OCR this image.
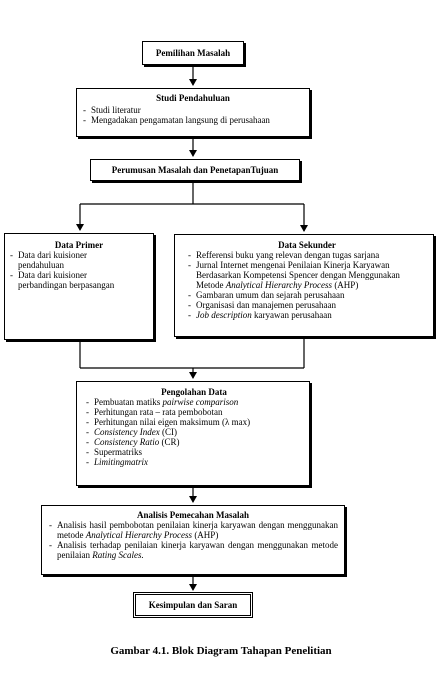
Pemilihan Masalah
Studi Pendahuluan
- Studi literatur
- Mengadakan pengamatan langsung di perusahaan
Perumusan Masalah dan PenetapanTujuan
Data Primer
- Data dari kuisioner pendahuluan
- Data dari kuisioner perbandingan berpasangan
Data Sekunder
- Refferensi buku yang relevan dengan tugas sarjana
- Jurnal Internet mengenai Penilaian Kinerja Karyawan Berdasarkan Kompetensi Spencer dengan Menggunakan Metode Analytical Hierarchy Process (AHP)
- Gambaran umum dan sejarah perusahaan
- Organisasi dan manajemen perusahaan
- Job description karyawan perusahaan
Pengolahan Data
- Pembuatan matiks pairwise comparison
- Perhitungan rata – rata pembobotan
- Perhitungan nilai eigen maksimum (λ max)
- Consistency Index (CI)
- Consistency Ratio (CR)
- Supermatriks
- Limitingmatrix
Analisis Pemecahan Masalah
- Analisis hasil pembobotan penilaian kinerja karyawan dengan menggunakan metode Analytical Hierarchy Process (AHP)
- Analisis terhadap penilaian kinerja karyawan dengan menggunakan metode penilaian Rating Scales.
Kesimpulan dan Saran
Gambar 4.1. Blok Diagram Tahapan Penelitian
